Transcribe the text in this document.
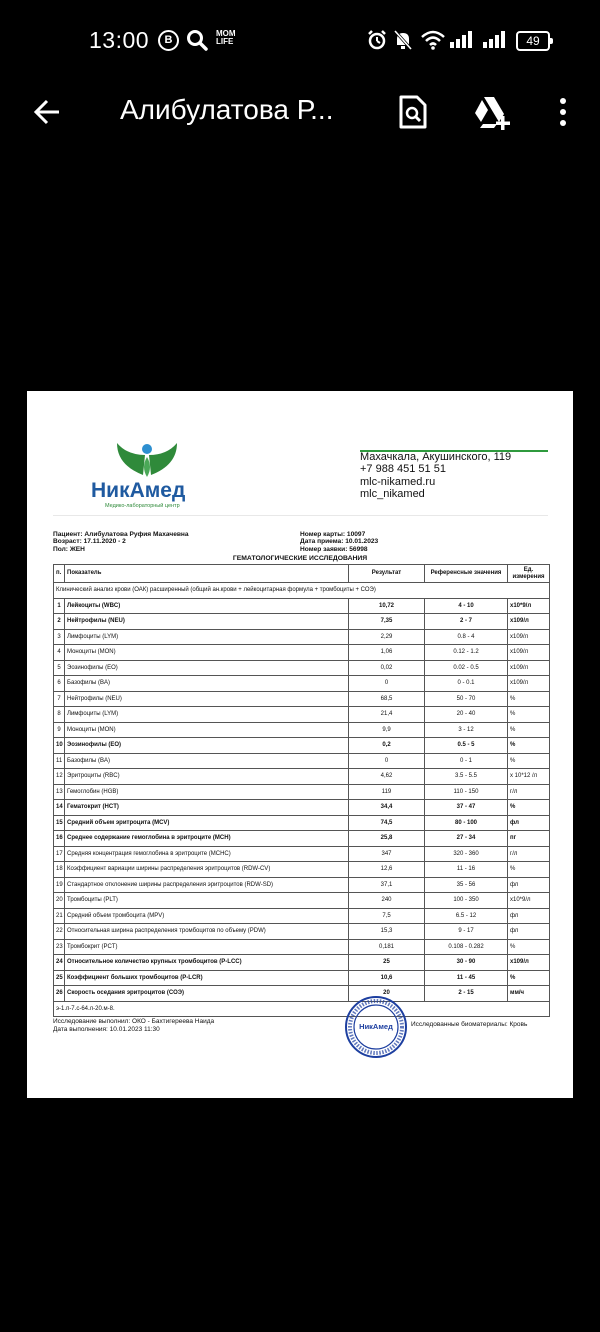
13:00	B
MOM
LIFE	49
Алибулатова Р...
НикАмед
Медико-лабораторный центр
Махачкала, Акушинского, 119
+7 988 451 51 51
mlc-nikamed.ru
mlc_nikamed
Пациент: Алибулатова Руфия Махачевна
Возраст: 17.11.2020 - 2
Пол: ЖЕН
Номер карты: 10097
Дата приема: 10.01.2023
Номер заявки: 56998
ГЕМАТОЛОГИЧЕСКИЕ ИССЛЕДОВАНИЯ
п.	Показатель	Результат	Референсные значения	Ед. измерения
Клинический анализ крови (ОАК) расширенный (общий ан.крови + лейкоцитарная формула + тромбоциты + СОЭ)				
1	Лейкоциты (WBC)	10,72	4 - 10	x10*9/л
2	Нейтрофилы (NEU)	7,35	2 - 7	x109/л
3	Лимфоциты (LYM)	2,29	0.8 - 4	x109/л
4	Моноциты (MON)	1,06	0.12 - 1.2	x109/л
5	Эозинофилы (EO)	0,02	0.02 - 0.5	x109/л
6	Базофилы (BA)	0	0 - 0.1	x109/л
7	Нейтрофилы (NEU)	68,5	50 - 70	%
8	Лимфоциты (LYM)	21,4	20 - 40	%
9	Моноциты (MON)	9,9	3 - 12	%
10	Эозинофилы (EO)	0,2	0.5 - 5	%
11	Базофилы (BA)	0	0 - 1	%
12	Эритроциты (RBC)	4,62	3.5 - 5.5	x 10*12 /л
13	Гемоглобин (HGB)	119	110 - 150	г/л
14	Гематокрит (HCT)	34,4	37 - 47	%
15	Средний объем эритроцита (MCV)	74,5	80 - 100	фл
16	Среднее содержание гемоглобина в эритроците (MCH)	25,8	27 - 34	пг
17	Средняя концентрация гемоглобина в эритроците (MCHC)	347	320 - 360	г/л
18	Коэффициент вариации ширины распределения эритроцитов (RDW-CV)	12,6	11 - 16	%
19	Стандартное отклонение ширины распределения эритроцитов (RDW-SD)	37,1	35 - 56	фл
20	Тромбоциты (PLT)	240	100 - 350	x10*9/л
21	Средний объем тромбоцита (MPV)	7,5	6.5 - 12	фл
22	Относительная ширина распределения тромбоцитов по объему (PDW)	15,3	9 - 17	фл
23	Тромбокрит (PCT)	0,181	0.108 - 0.282	%
24	Относительное количество крупных тромбоцитов (P-LCC)	25	30 - 90	x109/л
25	Коэффициент больших тромбоцитов (P-LCR)	10,6	11 - 45	%
26	Скорость оседания эритроцитов (СОЭ)	20	2 - 15	мм/ч
э-1.п-7.с-64.л-20.м-8.				
Исследование выполнил: ОКО - Бахтигереева Наида
Дата выполнения: 10.01.2023 11:30	НикАмед	Исследованные биоматериалы: Кровь
